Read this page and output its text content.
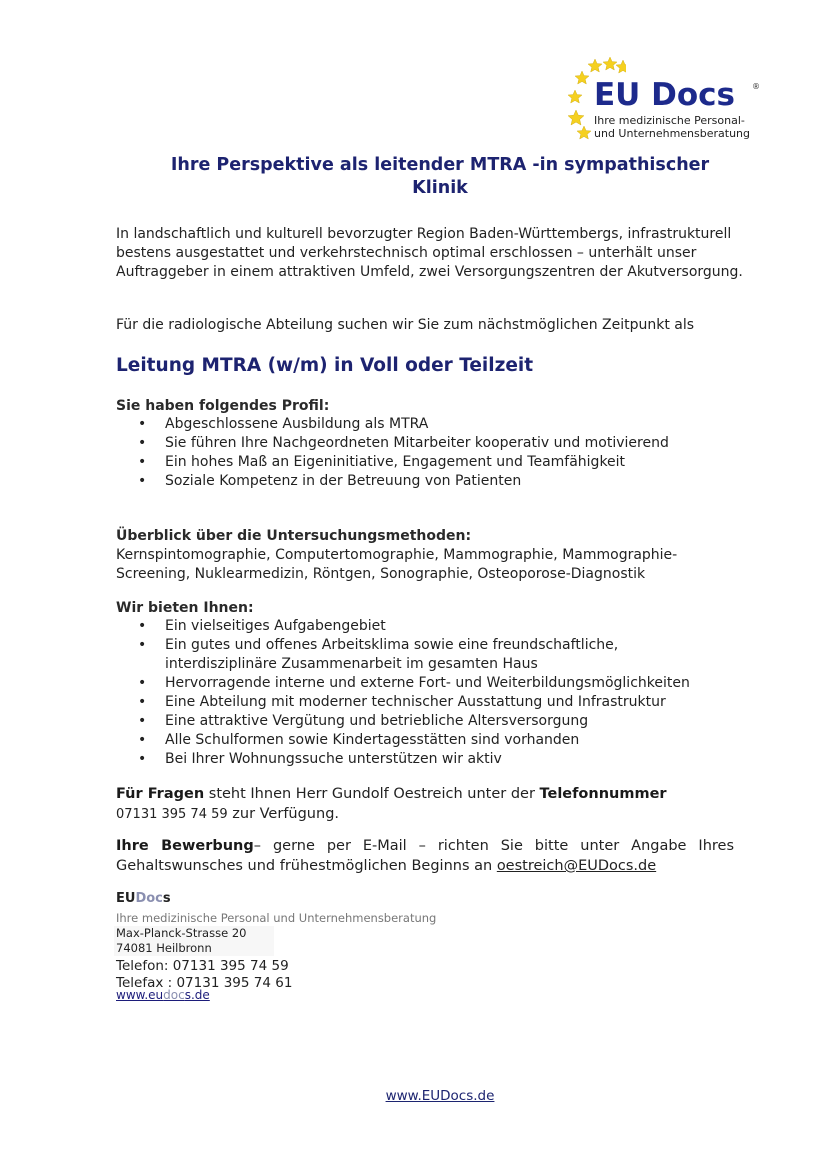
EU Docs ®
Ihre medizinische Personal-
und Unternehmensberatung
Ihre Perspektive als leitender MTRA -in sympathischer
Klinik

In landschaftlich und kulturell bevorzugter Region Baden-Württembergs, infrastrukturell bestens ausgestattet und verkehrstechnisch optimal erschlossen – unterhält unser Auftraggeber in einem attraktiven Umfeld, zwei Versorgungszentren der Akutversorgung.

Für die radiologische Abteilung suchen wir Sie zum nächstmöglichen Zeitpunkt als

Leitung MTRA (w/m) in Voll oder Teilzeit
Sie haben folgendes Profil:
• Abgeschlossene Ausbildung als MTRA
• Sie führen Ihre Nachgeordneten Mitarbeiter kooperativ und motivierend
• Ein hohes Maß an Eigeninitiative, Engagement und Teamfähigkeit
• Soziale Kompetenz in der Betreuung von Patienten
Überblick über die Untersuchungsmethoden:

Kernspintomographie, Computertomographie, Mammographie, Mammographie-Screening, Nuklearmedizin, Röntgen, Sonographie, Osteoporose-Diagnostik

Wir bieten Ihnen:
• Ein vielseitiges Aufgabengebiet
• Ein gutes und offenes Arbeitsklima sowie eine freundschaftliche, interdisziplinäre Zusammenarbeit im gesamten Haus
• Hervorragende interne und externe Fort- und Weiterbildungsmöglichkeiten
• Eine Abteilung mit moderner technischer Ausstattung und Infrastruktur
• Eine attraktive Vergütung und betriebliche Altersversorgung
• Alle Schulformen sowie Kindertagesstätten sind vorhanden
• Bei Ihrer Wohnungssuche unterstützen wir aktiv

Für Fragen steht Ihnen Herr Gundolf Oestreich unter der Telefonnummer
07131 395 74 59 zur Verfügung.

Ihre Bewerbung– gerne per E-Mail – richten Sie bitte unter Angabe Ihres Gehaltswunsches und frühestmöglichen Beginns an oestreich@EUDocs.de

EUDocs
Ihre medizinische Personal und Unternehmensberatung
Max-Planck-Strasse 20
74081 Heilbronn
Telefon: 07131 395 74 59
Telefax : 07131 395 74 61
www.eudocs.de
www.EUDocs.de
